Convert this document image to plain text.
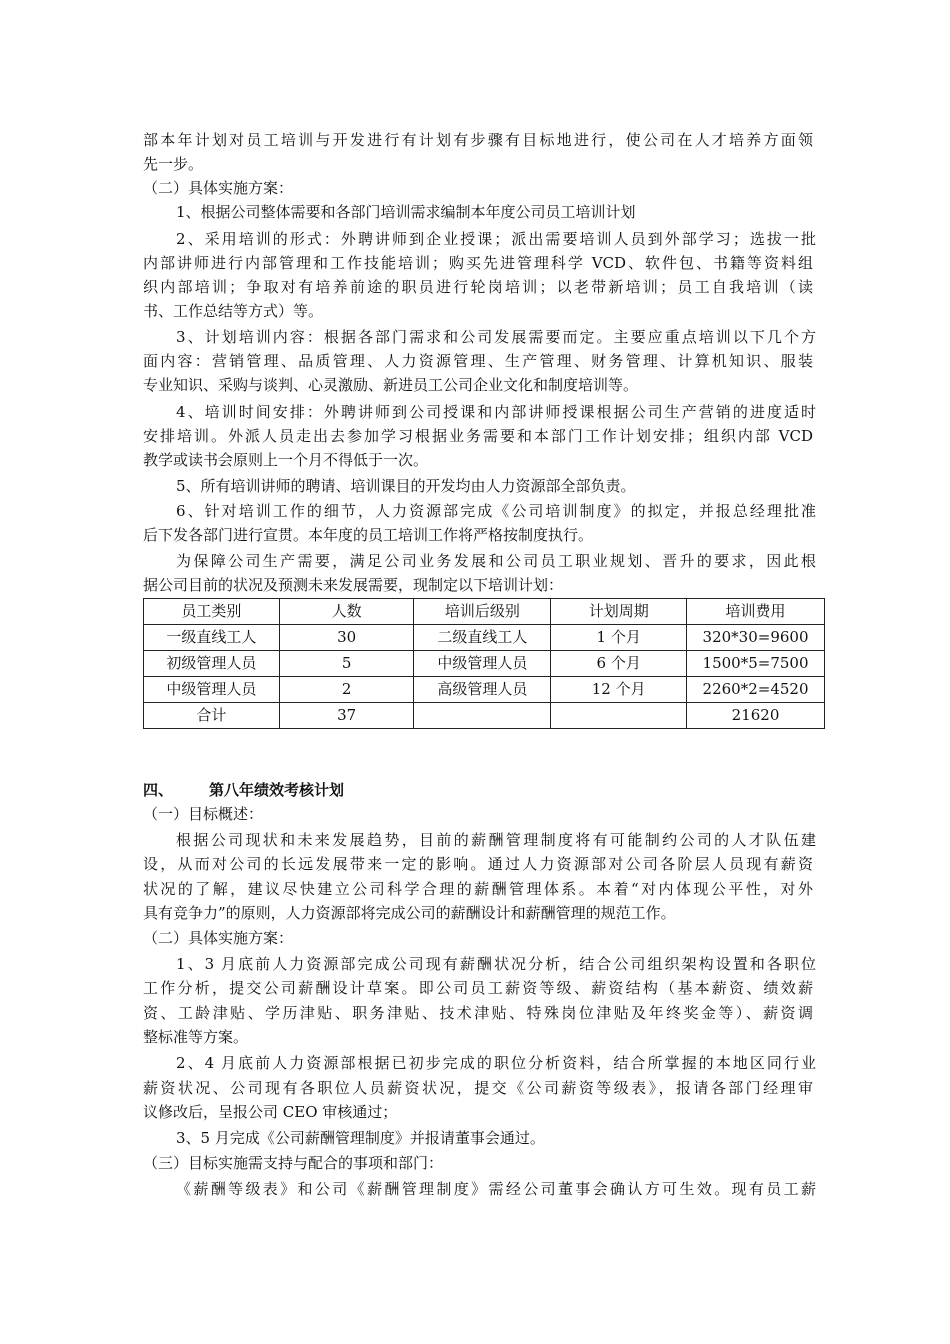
部本年计划对员工培训与开发进行有计划有步骤有目标地进行，使公司在人才培养方面领
先一步。
（二）具体实施方案：
1、根据公司整体需要和各部门培训需求编制本年度公司员工培训计划
2、采用培训的形式：外聘讲师到企业授课；派出需要培训人员到外部学习；选拔一批
内部讲师进行内部管理和工作技能培训；购买先进管理科学 VCD、软件包、书籍等资料组
织内部培训；争取对有培养前途的职员进行轮岗培训；以老带新培训；员工自我培训（读
书、工作总结等方式）等。
3、计划培训内容：根据各部门需求和公司发展需要而定。主要应重点培训以下几个方
面内容：营销管理、品质管理、人力资源管理、生产管理、财务管理、计算机知识、服装
专业知识、采购与谈判、心灵激励、新进员工公司企业文化和制度培训等。
4、培训时间安排：外聘讲师到公司授课和内部讲师授课根据公司生产营销的进度适时
安排培训。外派人员走出去参加学习根据业务需要和本部门工作计划安排；组织内部 VCD
教学或读书会原则上一个月不得低于一次。
5、所有培训讲师的聘请、培训课目的开发均由人力资源部全部负责。
6、针对培训工作的细节，人力资源部完成《公司培训制度》的拟定，并报总经理批准
后下发各部门进行宣贯。本年度的员工培训工作将严格按制度执行。
为保障公司生产需要，满足公司业务发展和公司员工职业规划、晋升的要求，因此根
据公司目前的状况及预测未来发展需要，现制定以下培训计划：
员工类别	人数	培训后级别	计划周期	培训费用
一级直线工人	30	二级直线工人	1 个月	320*30=9600
初级管理人员	5	中级管理人员	6 个月	1500*5=7500
中级管理人员	2	高级管理人员	12 个月	2260*2=4520
合计	37			21620
四、 第八年绩效考核计划
（一）目标概述：
根据公司现状和未来发展趋势，目前的薪酬管理制度将有可能制约公司的人才队伍建
设，从而对公司的长远发展带来一定的影响。通过人力资源部对公司各阶层人员现有薪资
状况的了解，建议尽快建立公司科学合理的薪酬管理体系。本着“对内体现公平性，对外
具有竞争力”的原则，人力资源部将完成公司的薪酬设计和薪酬管理的规范工作。
（二）具体实施方案：
1、3 月底前人力资源部完成公司现有薪酬状况分析，结合公司组织架构设置和各职位
工作分析，提交公司薪酬设计草案。即公司员工薪资等级、薪资结构（基本薪资、绩效薪
资、工龄津贴、学历津贴、职务津贴、技术津贴、特殊岗位津贴及年终奖金等）、薪资调
整标准等方案。
2、4 月底前人力资源部根据已初步完成的职位分析资料，结合所掌握的本地区同行业
薪资状况、公司现有各职位人员薪资状况，提交《公司薪资等级表》，报请各部门经理审
议修改后，呈报公司 CEO 审核通过；
3、5 月完成《公司薪酬管理制度》并报请董事会通过。
（三）目标实施需支持与配合的事项和部门：
《薪酬等级表》和公司《薪酬管理制度》需经公司董事会确认方可生效。现有员工薪
